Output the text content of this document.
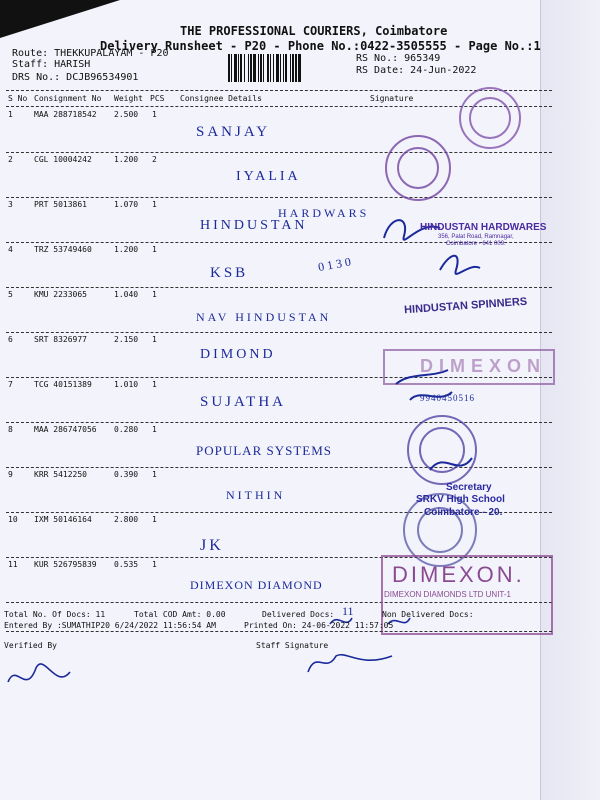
THE PROFESSIONAL COURIERS, Coimbatore
Delivery Runsheet - P20 - Phone No.:0422-3505555 - Page No.:1
Route: THEKKUPALAYAM - P20
Staff: HARISH
DRS No.: DCJB96534901
RS No.: 965349
RS Date: 24-Jun-2022
S No Consignment No Weight PCS Consignee Details	Signature
1	MAA 288718542 2.500 1
SANJAY
2	CGL 10004242	1.200 2
IYALIA
3	PRT 5013861	1.070 1
HINDUSTAN
HARDWARS
4	TRZ 53749460	1.200 1
KSB	0130
5	KMU 2233065	1.040 1
NAV HINDUSTAN
6	SRT 8326977	2.150 1
DIMOND
7	TCG 40151389	1.010 1
SUJATHA
8	MAA 286747056 0.280 1
POPULAR SYSTEMS
9	KRR 5412250	0.390 1
NITHIN
10 IXM 50146164	2.800 1
JK
11 KUR 526795839 0.535 1
DIMEXON DIAMOND
HINDUSTAN HARDWARES
356, Palat Road, Ramnagar,
Coimbatore - 641 009.
HINDUSTAN SPINNERS
DIMEXON
9940450516
Secretary
SRKV High School
Coimbatore - 20.
DIMEXON.
DIMEXON DIAMONDS LTD UNIT-1
Total No. Of Docs: 11	Total COD Amt: 0.00	Delivered Docs: 11	Non Delivered Docs:
Entered By :SUMATHIP20 6/24/2022 11:56:54 AM	Printed On: 24-06-2022 11:57:05
Verified By	Staff Signature
